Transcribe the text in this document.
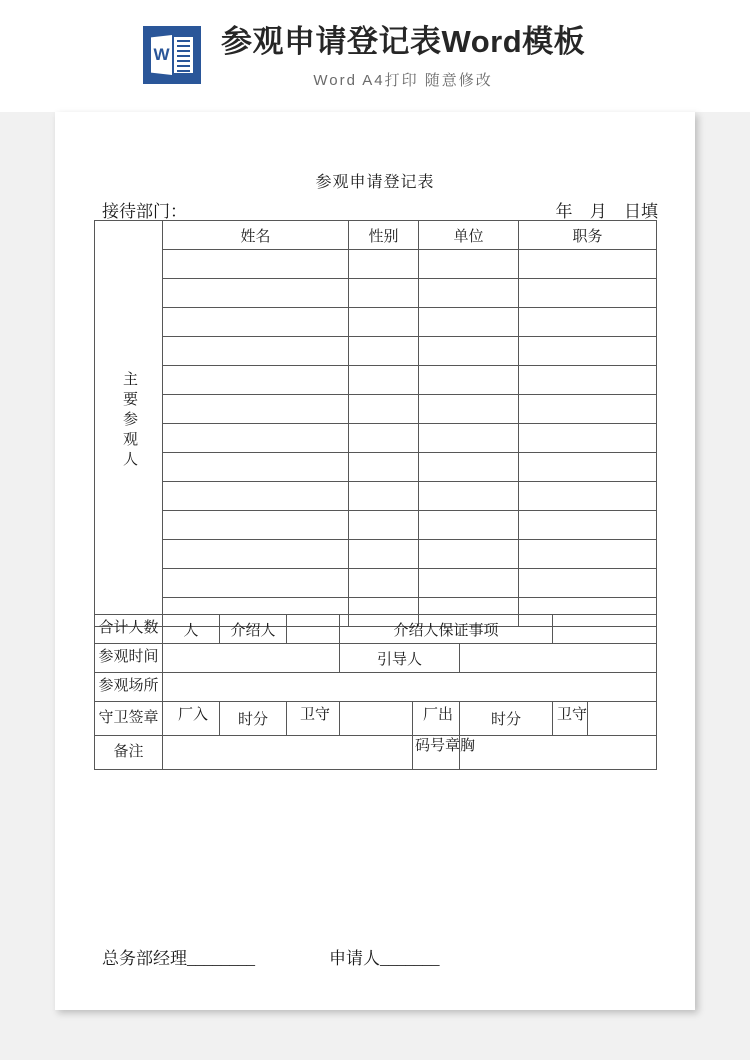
W 参观申请登记表Word模板
Word A4打印 随意修改
参观申请登记表
接待部门：	年 月 日填
主要参观人	姓名	性别	单位	职务

合计人数	人	介绍人		介绍人保证事项				

参观时间				引导人				

参观场所								

守卫签章	入厂	时分	守卫		出厂	时分	守卫	

备注					胸章号码			
总务部经理________	申请人_______
